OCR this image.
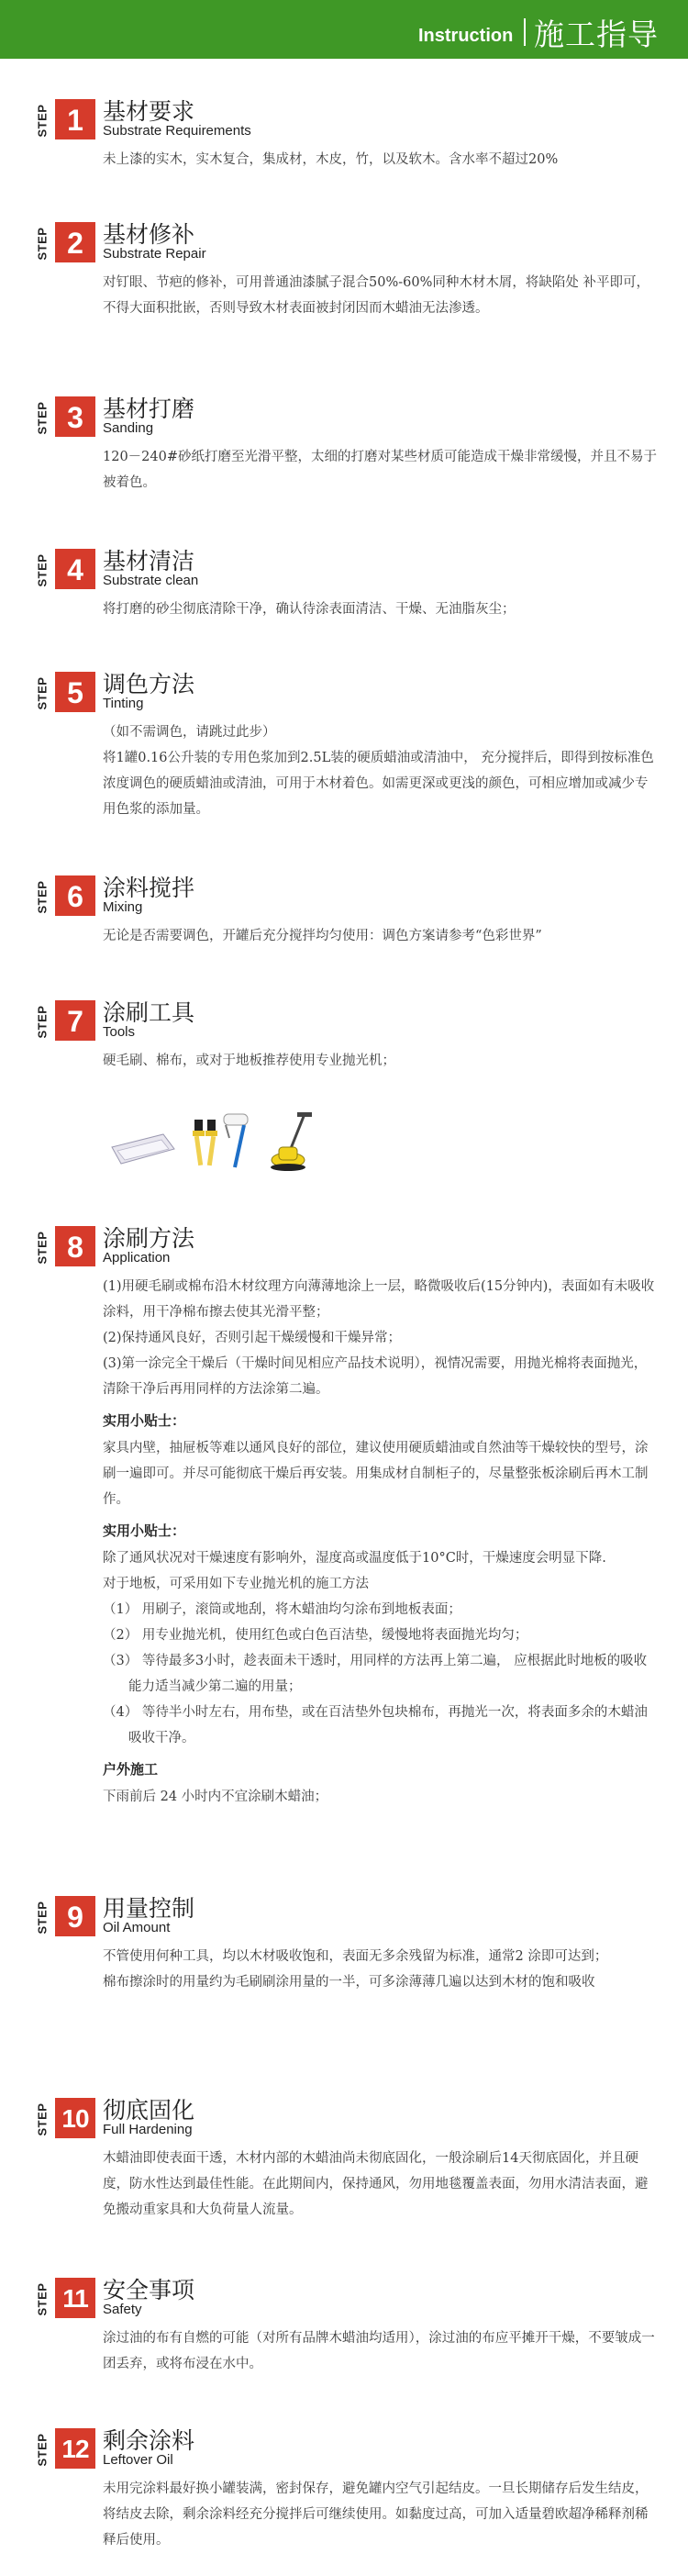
Instruction 施工指导
STEP 1 基材要求
Substrate Requirements

未上漆的实木，实木复合，集成材，木皮，竹，以及软木。含水率不超过20%

STEP 2 基材修补
Substrate Repair

对钉眼、节疤的修补，可用普通油漆腻子混合50%-60%同种木材木屑，将缺陷处 补平即可，不得大面积批嵌，否则导致木材表面被封闭因而木蜡油无法渗透。

STEP 3 基材打磨
Sanding

120－240#砂纸打磨至光滑平整，太细的打磨对某些材质可能造成干燥非常缓慢，并且不易于被着色。

STEP 4 基材清洁
Substrate clean

将打磨的砂尘彻底清除干净，确认待涂表面清洁、干燥、无油脂灰尘；

STEP 5 调色方法
Tinting

（如不需调色，请跳过此步）

将1罐0.16公升装的专用色浆加到2.5L装的硬质蜡油或清油中， 充分搅拌后，即得到按标准色浓度调色的硬质蜡油或清油，可用于木材着色。如需更深或更浅的颜色，可相应增加或减少专用色浆的添加量。

STEP 6 涂料搅拌
Mixing

无论是否需要调色，开罐后充分搅拌均匀使用：调色方案请参考“色彩世界”

STEP 7 涂刷工具
Tools

硬毛刷、棉布，或对于地板推荐使用专业抛光机；

STEP 8 涂刷方法
Application

(1)用硬毛刷或棉布沿木材纹理方向薄薄地涂上一层，略微吸收后(15分钟内)，表面如有未吸收涂料，用干净棉布擦去使其光滑平整；

(2)保持通风良好，否则引起干燥缓慢和干燥异常；

(3)第一涂完全干燥后（干燥时间见相应产品技术说明），视情况需要，用抛光棉将表面抛光，清除干净后再用同样的方法涂第二遍。

实用小贴士：

家具内壁，抽屉板等难以通风良好的部位，建议使用硬质蜡油或自然油等干燥较快的型号，涂刷一遍即可。并尽可能彻底干燥后再安装。用集成材自制柜子的，尽量整张板涂刷后再木工制作。

实用小贴士：

除了通风状况对干燥速度有影响外，湿度高或温度低于10°C时，干燥速度会明显下降.

对于地板，可采用如下专业抛光机的施工方法

（1） 用刷子，滚筒或地刮，将木蜡油均匀涂布到地板表面；

（2） 用专业抛光机，使用红色或白色百洁垫，缓慢地将表面抛光均匀；

（3） 等待最多3小时，趁表面未干透时，用同样的方法再上第二遍， 应根据此时地板的吸收能力适当减少第二遍的用量；

（4） 等待半小时左右，用布垫，或在百洁垫外包块棉布，再抛光一次，将表面多余的木蜡油吸收干净。

户外施工

下雨前后 24 小时内不宜涂刷木蜡油；

STEP 9 用量控制
Oil Amount

不管使用何种工具，均以木材吸收饱和，表面无多余残留为标准，通常2 涂即可达到；

棉布擦涂时的用量约为毛刷刷涂用量的一半，可多涂薄薄几遍以达到木材的饱和吸收

STEP 10 彻底固化
Full Hardening

木蜡油即使表面干透，木材内部的木蜡油尚未彻底固化，一般涂刷后14天彻底固化，并且硬度，防水性达到最佳性能。在此期间内，保持通风，勿用地毯覆盖表面，勿用水清洁表面，避免搬动重家具和大负荷量人流量。

STEP 11 安全事项
Safety

涂过油的布有自燃的可能（对所有品牌木蜡油均适用），涂过油的布应平摊开干燥，不要皱成一团丢弃，或将布浸在水中。

STEP 12 剩余涂料
Leftover Oil

未用完涂料最好换小罐装满，密封保存，避免罐内空气引起结皮。一旦长期储存后发生结皮，将结皮去除，剩余涂料经充分搅拌后可继续使用。如黏度过高，可加入适量碧欧超净稀释剂稀释后使用。
